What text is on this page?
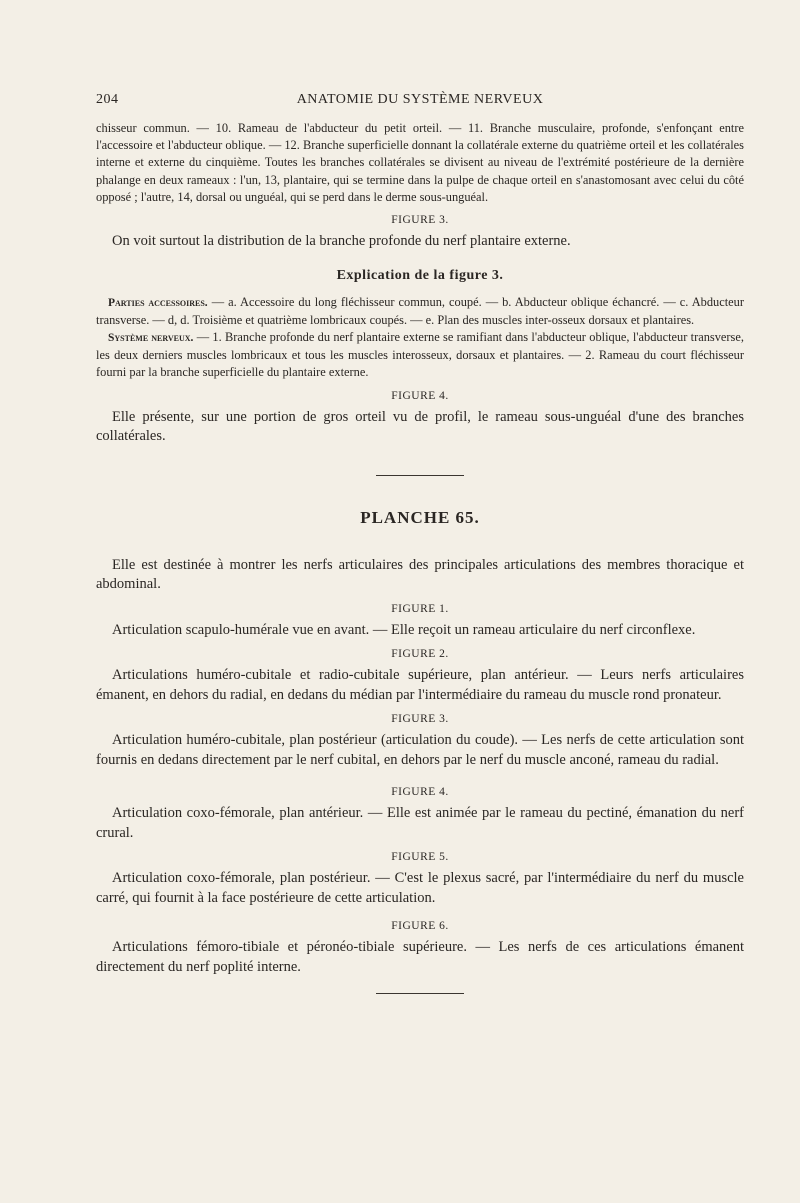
204	ANATOMIE DU SYSTÈME NERVEUX

chisseur commun. — 10. Rameau de l'abducteur du petit orteil. — 11. Branche musculaire, profonde, s'enfonçant entre l'accessoire et l'abducteur oblique. — 12. Branche superficielle donnant la collatérale externe du quatrième orteil et les collatérales interne et externe du cinquième. Toutes les branches collatérales se divisent au niveau de l'extrémité postérieure de la dernière phalange en deux rameaux : l'un, 13, plantaire, qui se termine dans la pulpe de chaque orteil en s'anastomosant avec celui du côté opposé ; l'autre, 14, dorsal ou unguéal, qui se perd dans le derme sous-unguéal.

FIGURE 3.

On voit surtout la distribution de la branche profonde du nerf plantaire externe.

Explication de la figure 3.

Parties accessoires. — a. Accessoire du long fléchisseur commun, coupé. — b. Abducteur oblique échancré. — c. Abducteur transverse. — d, d. Troisième et quatrième lombricaux coupés. — e. Plan des muscles inter-osseux dorsaux et plantaires.

Système nerveux. — 1. Branche profonde du nerf plantaire externe se ramifiant dans l'abducteur oblique, l'abducteur transverse, les deux derniers muscles lombricaux et tous les muscles interosseux, dorsaux et plantaires. — 2. Rameau du court fléchisseur fourni par la branche superficielle du plantaire externe.

FIGURE 4.

Elle présente, sur une portion de gros orteil vu de profil, le rameau sous-unguéal d'une des branches collatérales.

PLANCHE 65.

Elle est destinée à montrer les nerfs articulaires des principales articulations des membres thoracique et abdominal.

FIGURE 1.

Articulation scapulo-humérale vue en avant. — Elle reçoit un rameau articulaire du nerf circonflexe.

FIGURE 2.

Articulations huméro-cubitale et radio-cubitale supérieure, plan antérieur. — Leurs nerfs articulaires émanent, en dehors du radial, en dedans du médian par l'intermédiaire du rameau du muscle rond pronateur.

FIGURE 3.

Articulation huméro-cubitale, plan postérieur (articulation du coude). — Les nerfs de cette articulation sont fournis en dedans directement par le nerf cubital, en dehors par le nerf du muscle anconé, rameau du radial.

FIGURE 4.

Articulation coxo-fémorale, plan antérieur. — Elle est animée par le rameau du pectiné, émanation du nerf crural.

FIGURE 5.

Articulation coxo-fémorale, plan postérieur. — C'est le plexus sacré, par l'intermédiaire du nerf du muscle carré, qui fournit à la face postérieure de cette articulation.

FIGURE 6.

Articulations fémoro-tibiale et péronéo-tibiale supérieure. — Les nerfs de ces articulations émanent directement du nerf poplité interne.
